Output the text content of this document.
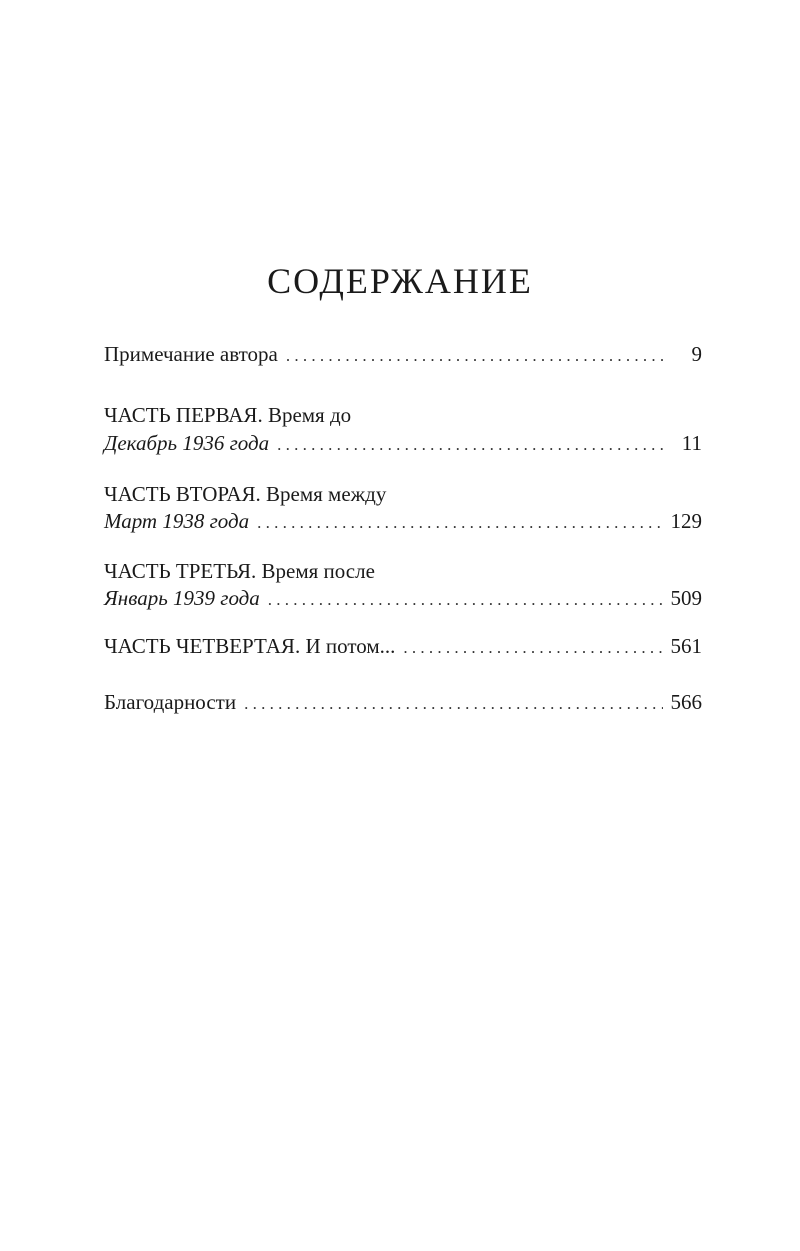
СОДЕРЖАНИЕ
Примечание автора . . .	9
ЧАСТЬ ПЕРВАЯ. Время до
Декабрь 1936 года . . .	11
ЧАСТЬ ВТОРАЯ. Время между
Март 1938 года . . .	129
ЧАСТЬ ТРЕТЬЯ. Время после
Январь 1939 года . . .	509
ЧАСТЬ ЧЕТВЕРТАЯ. И потом... . . .	561
Благодарности . . .	566
